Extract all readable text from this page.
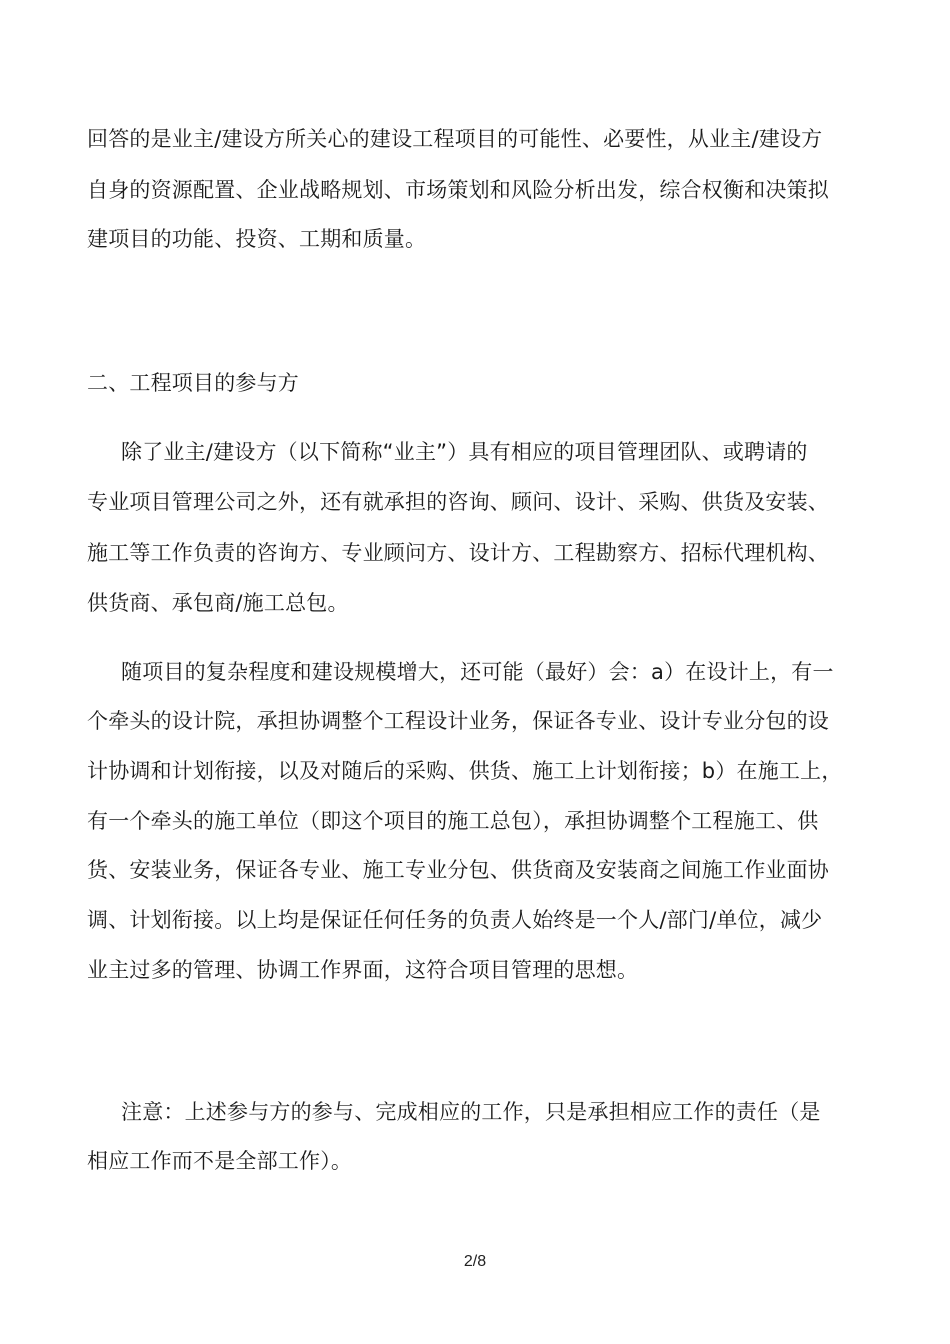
回答的是业主/建设方所关心的建设工程项目的可能性、必要性，从业主/建设方
自身的资源配置、企业战略规划、市场策划和风险分析出发，综合权衡和决策拟
建项目的功能、投资、工期和质量。
二、工程项目的参与方
除了业主/建设方（以下简称“业主”）具有相应的项目管理团队、或聘请的
专业项目管理公司之外，还有就承担的咨询、顾问、设计、采购、供货及安装、
施工等工作负责的咨询方、专业顾问方、设计方、工程勘察方、招标代理机构、
供货商、承包商/施工总包。
随项目的复杂程度和建设规模增大，还可能（最好）会：a）在设计上，有一
个牵头的设计院，承担协调整个工程设计业务，保证各专业、设计专业分包的设
计协调和计划衔接，以及对随后的采购、供货、施工上计划衔接；b）在施工上，
有一个牵头的施工单位（即这个项目的施工总包），承担协调整个工程施工、供
货、安装业务，保证各专业、施工专业分包、供货商及安装商之间施工作业面协
调、计划衔接。以上均是保证任何任务的负责人始终是一个人/部门/单位，减少
业主过多的管理、协调工作界面，这符合项目管理的思想。
注意：上述参与方的参与、完成相应的工作，只是承担相应工作的责任（是
相应工作而不是全部工作）。
2/8
